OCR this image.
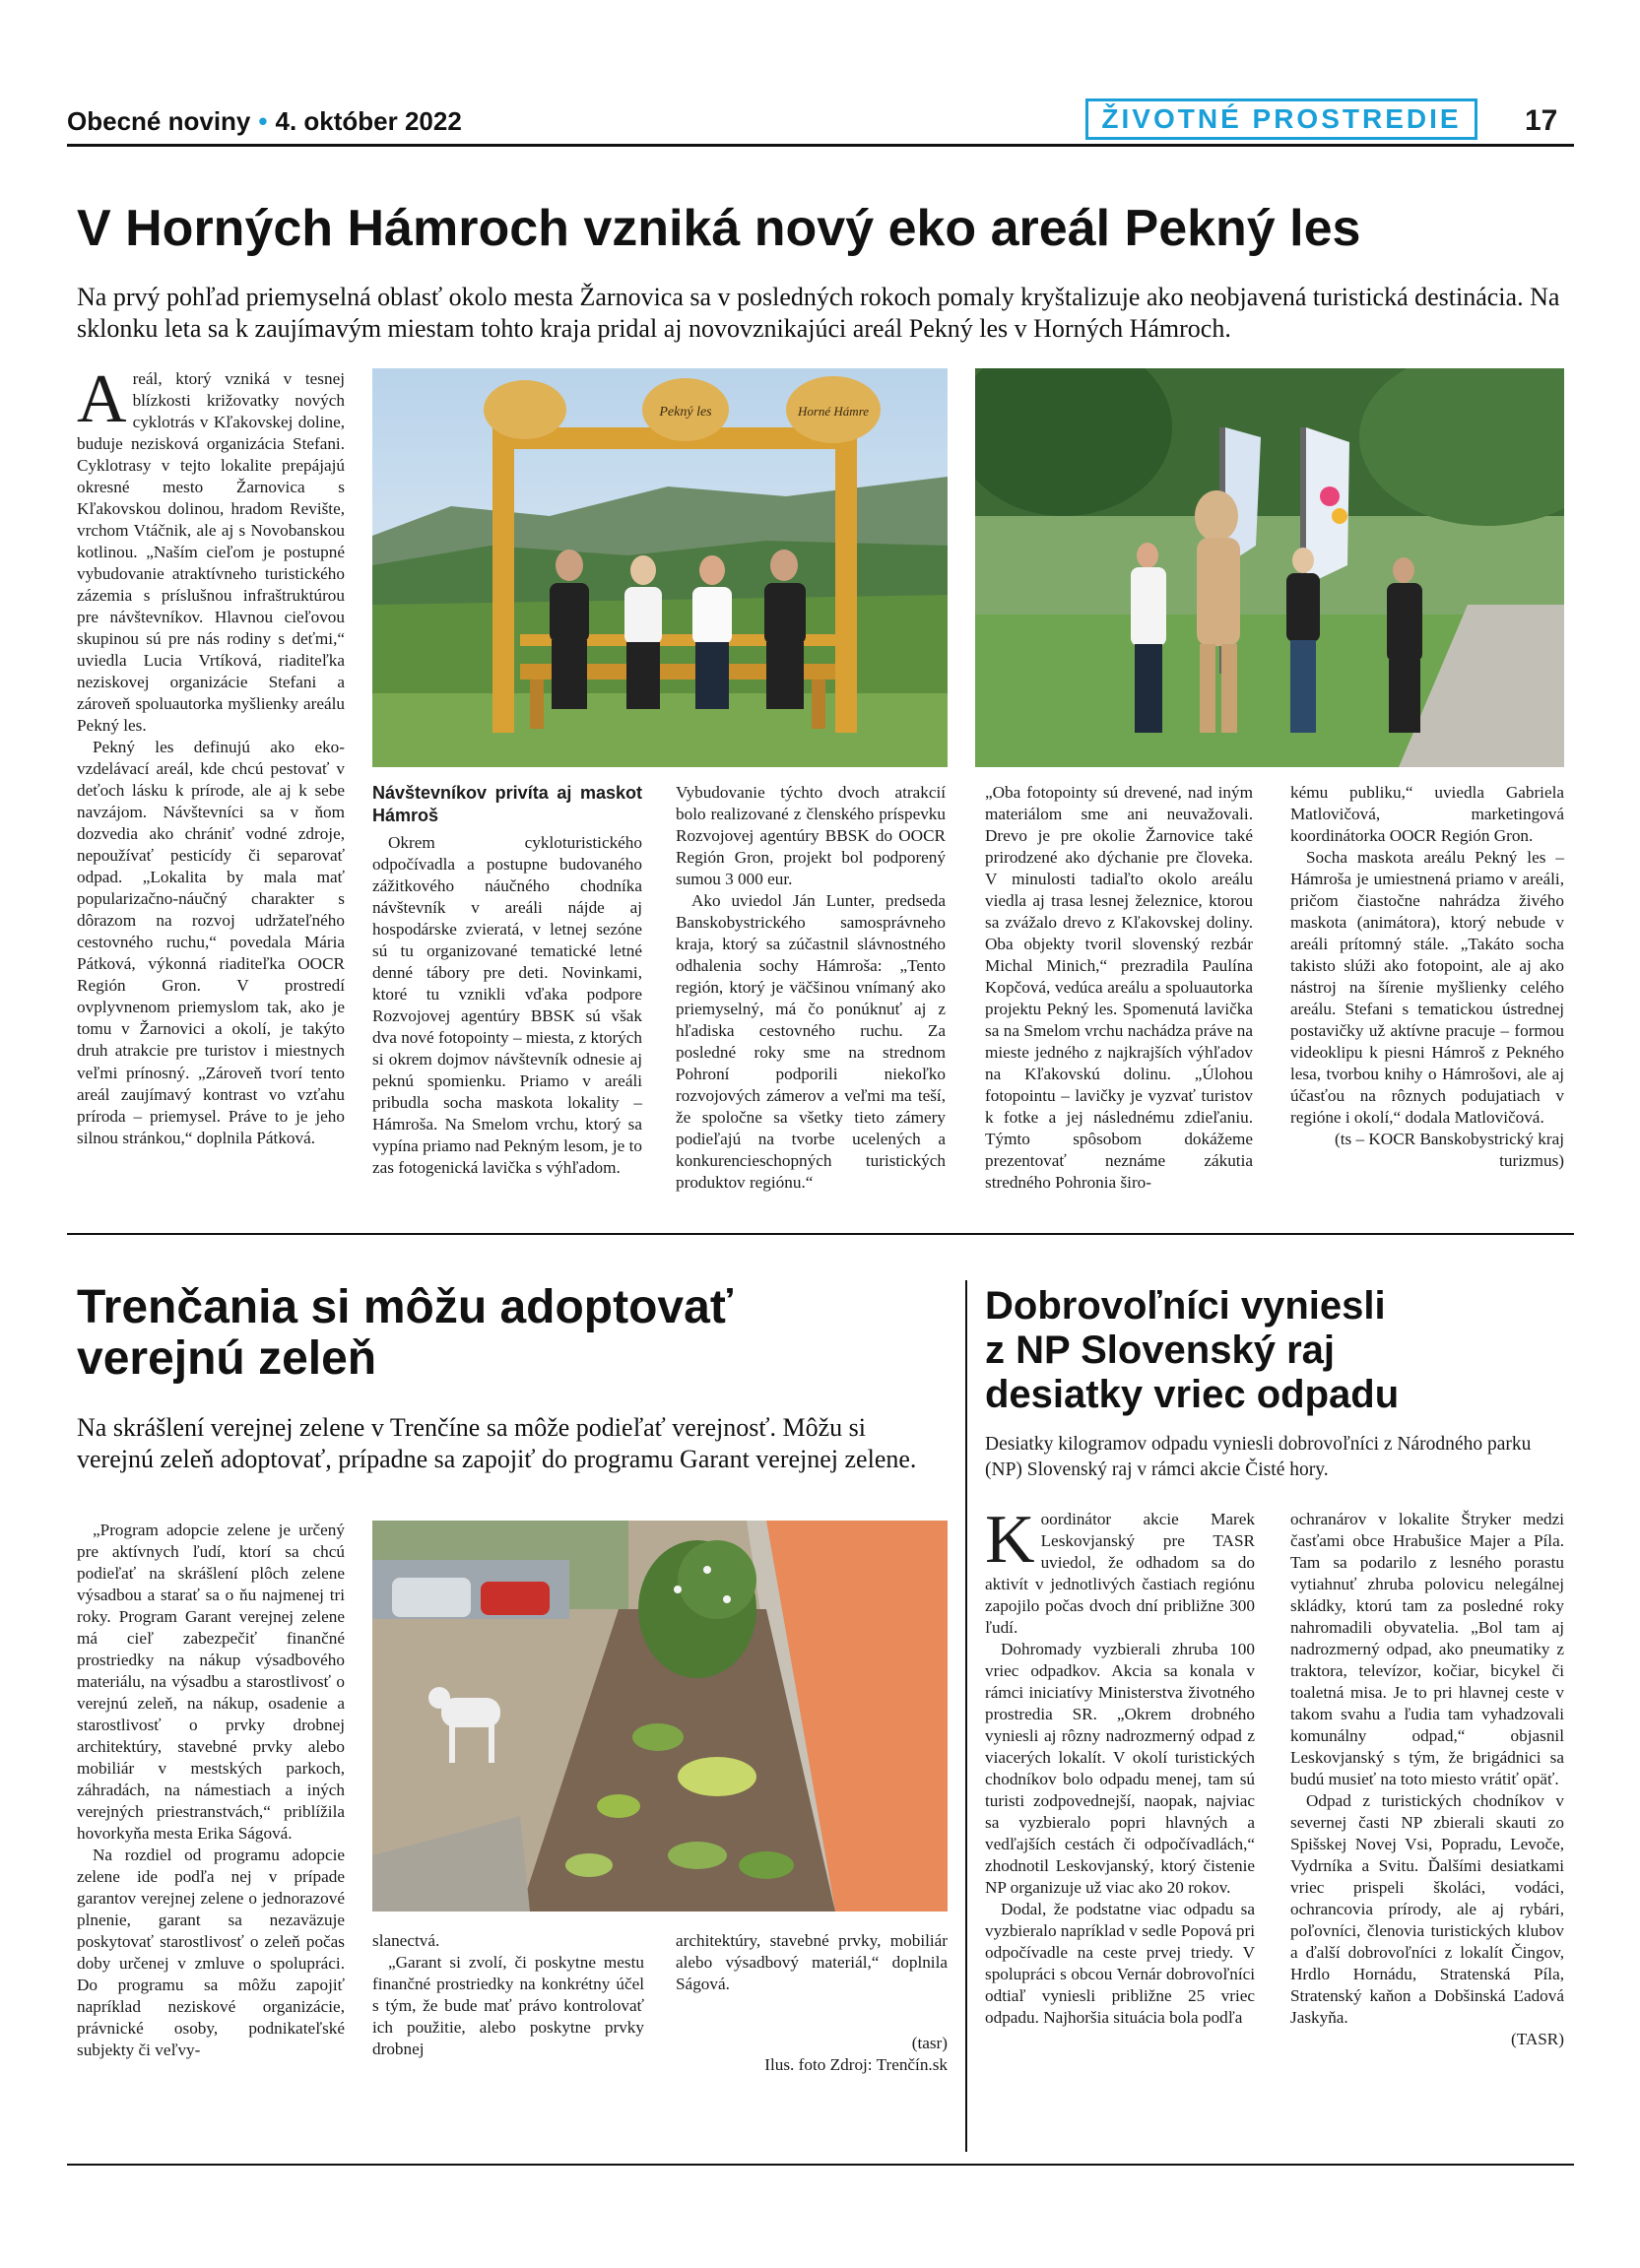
Obecné noviny • 4. október 2022	ŽIVOTNÉ PROSTREDIE	17
V Horných Hámroch vzniká nový eko areál Pekný les
Na prvý pohľad priemyselná oblasť okolo mesta Žarnovica sa v posledných rokoch pomaly kryštalizuje ako neobjavená turistická destinácia. Na sklonku leta sa k zaujímavým miestam tohto kraja pridal aj novovznikajúci areál Pekný les v Horných Hámroch.

Areál, ktorý vzniká v tesnej blízkosti križovatky nových cyklotrás v Kľakovskej doline, buduje nezisková organizácia Stefani. Cyklotrasy v tejto lokalite prepájajú okresné mesto Žarnovica s Kľakovskou dolinou, hradom Revište, vrchom Vtáčnik, ale aj s Novobanskou kotlinou. „Naším cieľom je postupné vybudovanie atraktívneho turistického zázemia s príslušnou infraštruktúrou pre návštevníkov. Hlavnou cieľovou skupinou sú pre nás rodiny s deťmi,“ uviedla Lucia Vrtíková, riaditeľka neziskovej organizácie Stefani a zároveň spoluautorka myšlienky areálu Pekný les.

Pekný les definujú ako eko-vzdelávací areál, kde chcú pestovať v deťoch lásku k prírode, ale aj k sebe navzájom. Návštevníci sa v ňom dozvedia ako chrániť vodné zdroje, nepoužívať pesticídy či separovať odpad. „Lokalita by mala mať popularizačno-náučný charakter s dôrazom na rozvoj udržateľného cestovného ruchu,“ povedala Mária Pátková, výkonná riaditeľka OOCR Región Gron. V prostredí ovplyvnenom priemyslom tak, ako je tomu v Žarnovici a okolí, je takýto druh atrakcie pre turistov i miestnych veľmi prínosný. „Zároveň tvorí tento areál zaujímavý kontrast vo vzťahu príroda – priemysel. Práve to je jeho silnou stránkou,“ doplnila Pátková.

Pekný les	Horné Hámre
Návštevníkov privíta aj maskot Hámroš

Okrem cykloturistického odpočívadla a postupne budovaného zážitkového náučného chodníka návštevník v areáli nájde aj hospodárske zvieratá, v letnej sezóne sú tu organizované tematické letné denné tábory pre deti. Novinkami, ktoré tu vznikli vďaka podpore Rozvojovej agentúry BBSK sú však dva nové fotopointy – miesta, z ktorých si okrem dojmov návštevník odnesie aj peknú spomienku. Priamo v areáli pribudla socha maskota lokality – Hámroša. Na Smelom vrchu, ktorý sa vypína priamo nad Pekným lesom, je to zas fotogenická lavička s výhľadom.

Vybudovanie týchto dvoch atrakcií bolo realizované z členského príspevku Rozvojovej agentúry BBSK do OOCR Región Gron, projekt bol podporený sumou 3 000 eur.

Ako uviedol Ján Lunter, predseda Banskobystrického samosprávneho kraja, ktorý sa zúčastnil slávnostného odhalenia sochy Hámroša: „Tento región, ktorý je väčšinou vnímaný ako priemyselný, má čo ponúknuť aj z hľadiska cestovného ruchu. Za posledné roky sme na strednom Pohroní podporili niekoľko rozvojových zámerov a veľmi ma teší, že spoločne sa všetky tieto zámery podieľajú na tvorbe ucelených a konkurencieschopných turistických produktov regiónu.“

„Oba fotopointy sú drevené, nad iným materiálom sme ani neuvažovali. Drevo je pre okolie Žarnovice také prirodzené ako dýchanie pre človeka. V minulosti tadiaľto okolo areálu viedla aj trasa lesnej železnice, ktorou sa zvážalo drevo z Kľakovskej doliny. Oba objekty tvoril slovenský rezbár Michal Minich,“ prezradila Paulína Kopčová, vedúca areálu a spoluautorka projektu Pekný les. Spomenutá lavička sa na Smelom vrchu nachádza práve na mieste jedného z najkrajších výhľadov na Kľakovskú dolinu. „Úlohou fotopointu – lavičky je vyzvať turistov k fotke a jej následnému zdieľaniu. Týmto spôsobom dokážeme prezentovať neznáme zákutia stredného Pohronia širo-

kému publiku,“ uviedla Gabriela Matlovičová, marketingová koordinátorka OOCR Región Gron.

Socha maskota areálu Pekný les – Hámroša je umiestnená priamo v areáli, pričom čiastočne nahrádza živého maskota (animátora), ktorý nebude v areáli prítomný stále. „Takáto socha takisto slúži ako fotopoint, ale aj ako nástroj na šírenie myšlienky celého areálu. Stefani s tematickou ústrednej postavičky už aktívne pracuje – formou videoklipu k piesni Hámroš z Pekného lesa, tvorbou knihy o Hámrošovi, ale aj účasťou na rôznych podujatiach v regióne i okolí,“ dodala Matlovičová.

(ts – KOCR Banskobystrický kraj turizmus)

Trenčania si môžu adoptovať
verejnú zeleň
Na skrášlení verejnej zelene v Trenčíne sa môže podieľať verejnosť. Môžu si verejnú zeleň adoptovať, prípadne sa zapojiť do programu Garant verejnej zelene.

„Program adopcie zelene je určený pre aktívnych ľudí, ktorí sa chcú podieľať na skrášlení plôch zelene výsadbou a starať sa o ňu najmenej tri roky. Program Garant verejnej zelene má cieľ zabezpečiť finančné prostriedky na nákup výsadbového materiálu, na výsadbu a starostlivosť o verejnú zeleň, na nákup, osadenie a starostlivosť o prvky drobnej architektúry, stavebné prvky alebo mobiliár v mestských parkoch, záhradách, na námestiach a iných verejných priestranstvách,“ priblížila hovorkyňa mesta Erika Ságová.

Na rozdiel od programu adopcie zelene ide podľa nej v prípade garantov verejnej zelene o jednorazové plnenie, garant sa nezaväzuje poskytovať starostlivosť o zeleň počas doby určenej v zmluve o spolupráci. Do programu sa môžu zapojiť napríklad neziskové organizácie, právnické osoby, podnikateľské subjekty či veľvy-

slanectvá.

„Garant si zvolí, či poskytne mestu finančné prostriedky na konkrétny účel s tým, že bude mať právo kontrolovať ich použitie, alebo poskytne prvky drobnej

architektúry, stavebné prvky, mobiliár alebo výsadbový materiál,“ doplnila Ságová.

(tasr)

Ilus. foto Zdroj: Trenčín.sk

Dobrovoľníci vyniesli
z NP Slovenský raj
desiatky vriec odpadu
Desiatky kilogramov odpadu vyniesli dobrovoľníci z Národného parku (NP) Slovenský raj v rámci akcie Čisté hory.

Koordinátor akcie Marek Leskovjanský pre TASR uviedol, že odhadom sa do aktivít v jednotlivých častiach regiónu zapojilo počas dvoch dní približne 300 ľudí.

Dohromady vyzbierali zhruba 100 vriec odpadkov. Akcia sa konala v rámci iniciatívy Ministerstva životného prostredia SR. „Okrem drobného vyniesli aj rôzny nadrozmerný odpad z viacerých lokalít. V okolí turistických chodníkov bolo odpadu menej, tam sú turisti zodpovednejší, naopak, najviac sa vyzbieralo popri hlavných a vedľajších cestách či odpočívadlách,“ zhodnotil Leskovjanský, ktorý čistenie NP organizuje už viac ako 20 rokov.

Dodal, že podstatne viac odpadu sa vyzbieralo napríklad v sedle Popová pri odpočívadle na ceste prvej triedy. V spolupráci s obcou Vernár dobrovoľníci odtiaľ vyniesli približne 25 vriec odpadu. Najhoršia situácia bola podľa

ochranárov v lokalite Štryker medzi časťami obce Hrabušice Majer a Píla. Tam sa podarilo z lesného porastu vytiahnuť zhruba polovicu nelegálnej skládky, ktorú tam za posledné roky nahromadili obyvatelia. „Bol tam aj nadrozmerný odpad, ako pneumatiky z traktora, televízor, kočiar, bicykel či toaletná misa. Je to pri hlavnej ceste v takom svahu a ľudia tam vyhadzovali komunálny odpad,“ objasnil Leskovjanský s tým, že brigádnici sa budú musieť na toto miesto vrátiť opäť.

Odpad z turistických chodníkov v severnej časti NP zbierali skauti zo Spišskej Novej Vsi, Popradu, Levoče, Vydrníka a Svitu. Ďalšími desiatkami vriec prispeli školáci, vodáci, ochrancovia prírody, ale aj rybári, poľovníci, členovia turistických klubov a ďalší dobrovoľníci z lokalít Čingov, Hrdlo Hornádu, Stratenská Píla, Stratenský kaňon a Dobšinská Ľadová Jaskyňa.

(TASR)
